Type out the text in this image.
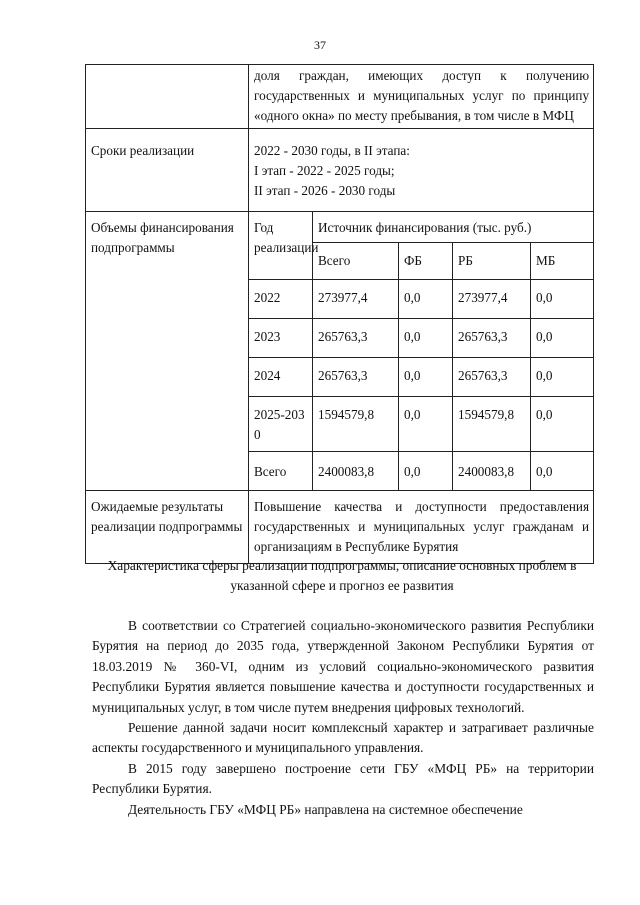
37
	доля граждан, имеющих доступ к получению государственных и муниципальных услуг по принципу «одного окна» по месту пребывания, в том числе в МФЦ				
Сроки реализации	2022 - 2030 годы, в II этапа:
I этап - 2022 - 2025 годы;
II этап - 2026 - 2030 годы				

Объемы финансирования подпрограммы	Год реализации	Источник финансирования (тыс. руб.)			
		Всего	ФБ	РБ	МБ
	2022	273977,4	0,0	273977,4	0,0
	2023	265763,3	0,0	265763,3	0,0
	2024	265763,3	0,0	265763,3	0,0
	2025-2030	1594579,8	0,0	1594579,8	0,0
	Всего	2400083,8	0,0	2400083,8	0,0
Ожидаемые результаты реализации подпрограммы	Повышение качества и доступности предоставления государственных и муниципальных услуг гражданам и организациям в Республике Бурятия				
Характеристика сферы реализации подпрограммы, описание основных проблем в указанной сфере и прогноз ее развития

В соответствии со Стратегией социально-экономического развития Республики Бурятия на период до 2035 года, утвержденной Законом Республики Бурятия от 18.03.2019 № 360-VI, одним из условий социально-экономического развития Республики Бурятия является повышение качества и доступности государственных и муниципальных услуг, в том числе путем внедрения цифровых технологий.

Решение данной задачи носит комплексный характер и затрагивает различные аспекты государственного и муниципального управления.

В 2015 году завершено построение сети ГБУ «МФЦ РБ» на территории Республики Бурятия.

Деятельность ГБУ «МФЦ РБ» направлена на системное обеспечение
